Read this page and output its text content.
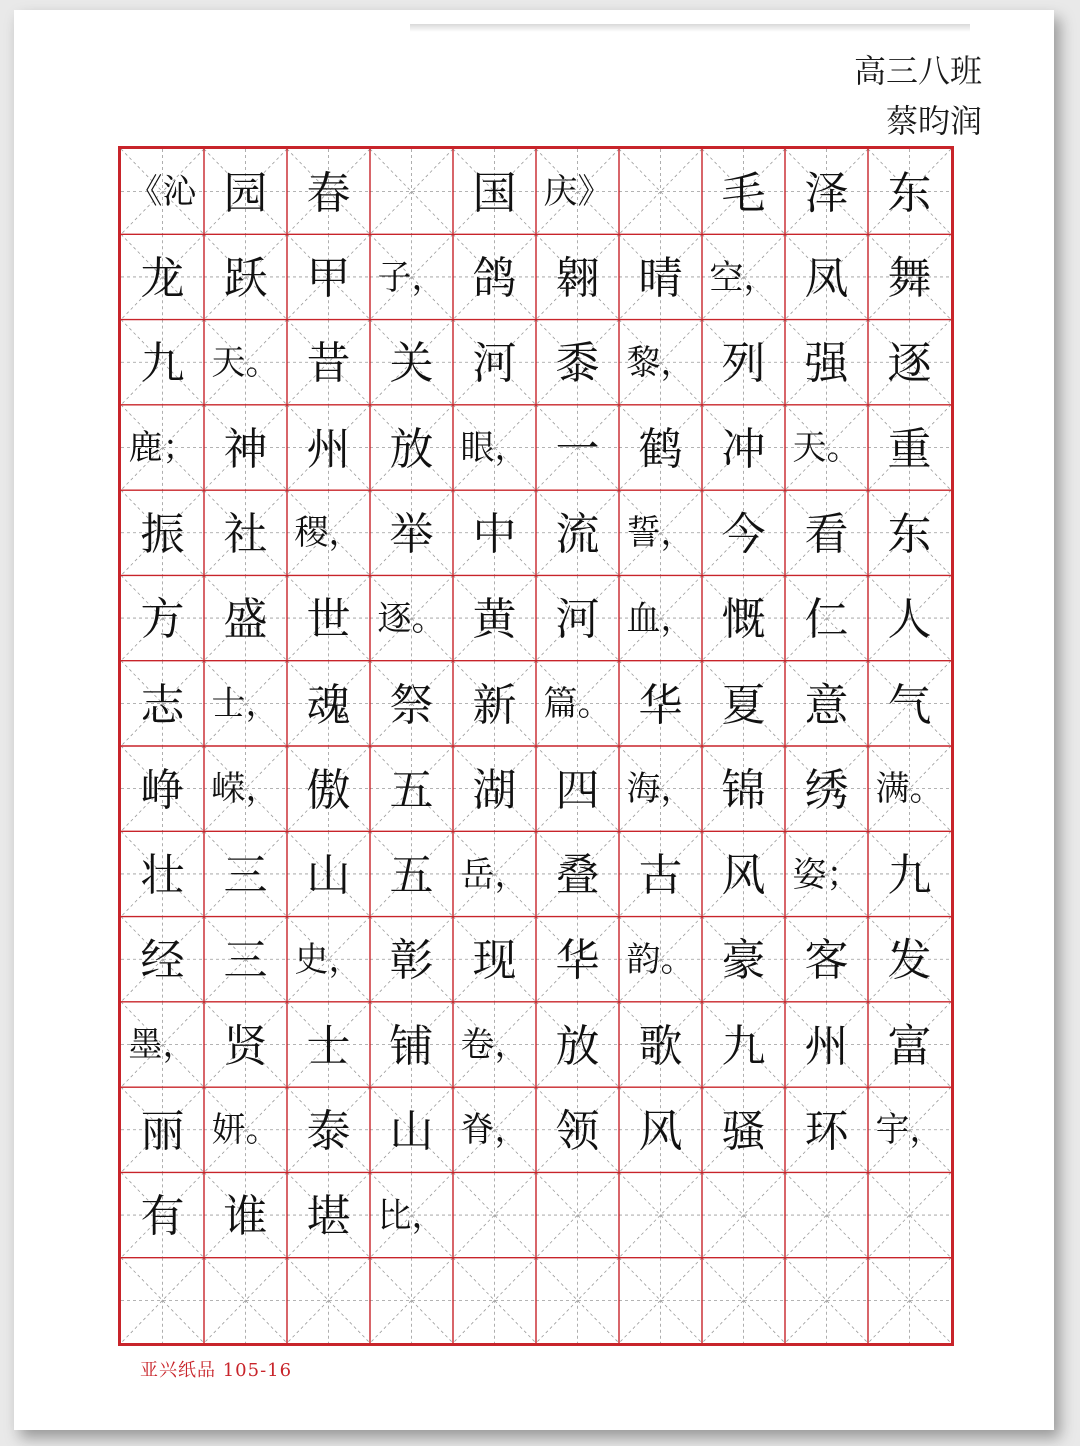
高三八班
蔡昀润
东
舞
逐
重
东
人
气
满。
九
发
富
宇，
泽
凤
强
天。
看
仁
意
绣
姿；
客
州
环
毛
空，
列
冲
今
慨
夏
锦
风
豪
九
骚
晴
黎，
鹤
誓，
血，
华
海，
古
韵。
歌
风
庆》
翱
黍
一
流
河
篇。
四
叠
华
放
领
国
鸽
河
眼，
中
黄
新
湖
岳，
现
卷，
脊，
子，
关
放
举
逐。
祭
五
五
彰
铺
山
比，
春
甲
昔
州
稷，
世
魂
傲
山
史，
士
泰
堪
园
跃
天。
神
社
盛
士，
嵘，
三
三
贤
妍。
谁
《沁
龙
九
鹿；
振
方
志
峥
壮
经
墨，
丽
有
亚兴纸品 105-16
